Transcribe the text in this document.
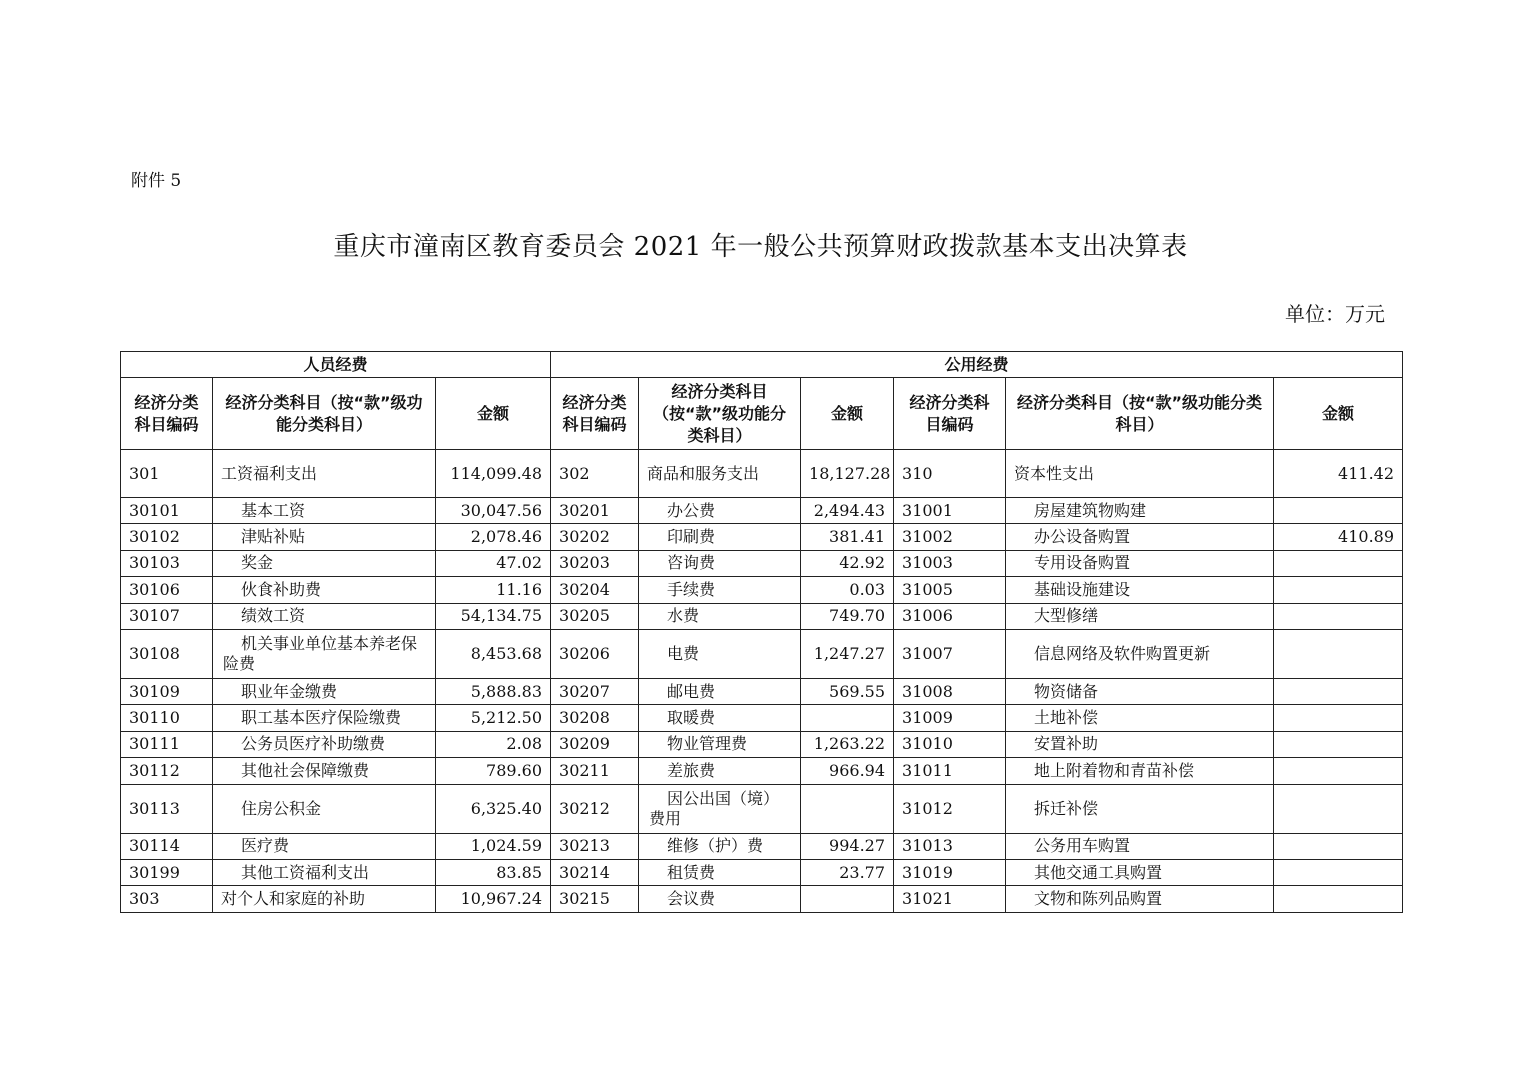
附件 5
重庆市潼南区教育委员会 2021 年一般公共预算财政拨款基本支出决算表
单位：万元
人员经费			公用经费					
经济分类科目编码	经济分类科目（按“款”级功能分类科目）	金额	经济分类科目编码	经济分类科目（按“款”级功能分类科目）	金额	经济分类科目编码	经济分类科目（按“款”级功能分类科目）	金额
301	工资福利支出	114,099.48	302	商品和服务支出	18,127.28	310	资本性支出	411.42
30101	基本工资	30,047.56	30201	办公费	2,494.43	31001	房屋建筑物购建	
30102	津贴补贴	2,078.46	30202	印刷费	381.41	31002	办公设备购置	410.89
30103	奖金	47.02	30203	咨询费	42.92	31003	专用设备购置	
30106	伙食补助费	11.16	30204	手续费	0.03	31005	基础设施建设	
30107	绩效工资	54,134.75	30205	水费	749.70	31006	大型修缮	
30108	机关事业单位基本养老保险费	8,453.68	30206	电费	1,247.27	31007	信息网络及软件购置更新	
30109	职业年金缴费	5,888.83	30207	邮电费	569.55	31008	物资储备	
30110	职工基本医疗保险缴费	5,212.50	30208	取暖费		31009	土地补偿	
30111	公务员医疗补助缴费	2.08	30209	物业管理费	1,263.22	31010	安置补助	
30112	其他社会保障缴费	789.60	30211	差旅费	966.94	31011	地上附着物和青苗补偿	
30113	住房公积金	6,325.40	30212	因公出国（境）费用		31012	拆迁补偿	
30114	医疗费	1,024.59	30213	维修（护）费	994.27	31013	公务用车购置	
30199	其他工资福利支出	83.85	30214	租赁费	23.77	31019	其他交通工具购置	
303	对个人和家庭的补助	10,967.24	30215	会议费		31021	文物和陈列品购置	
